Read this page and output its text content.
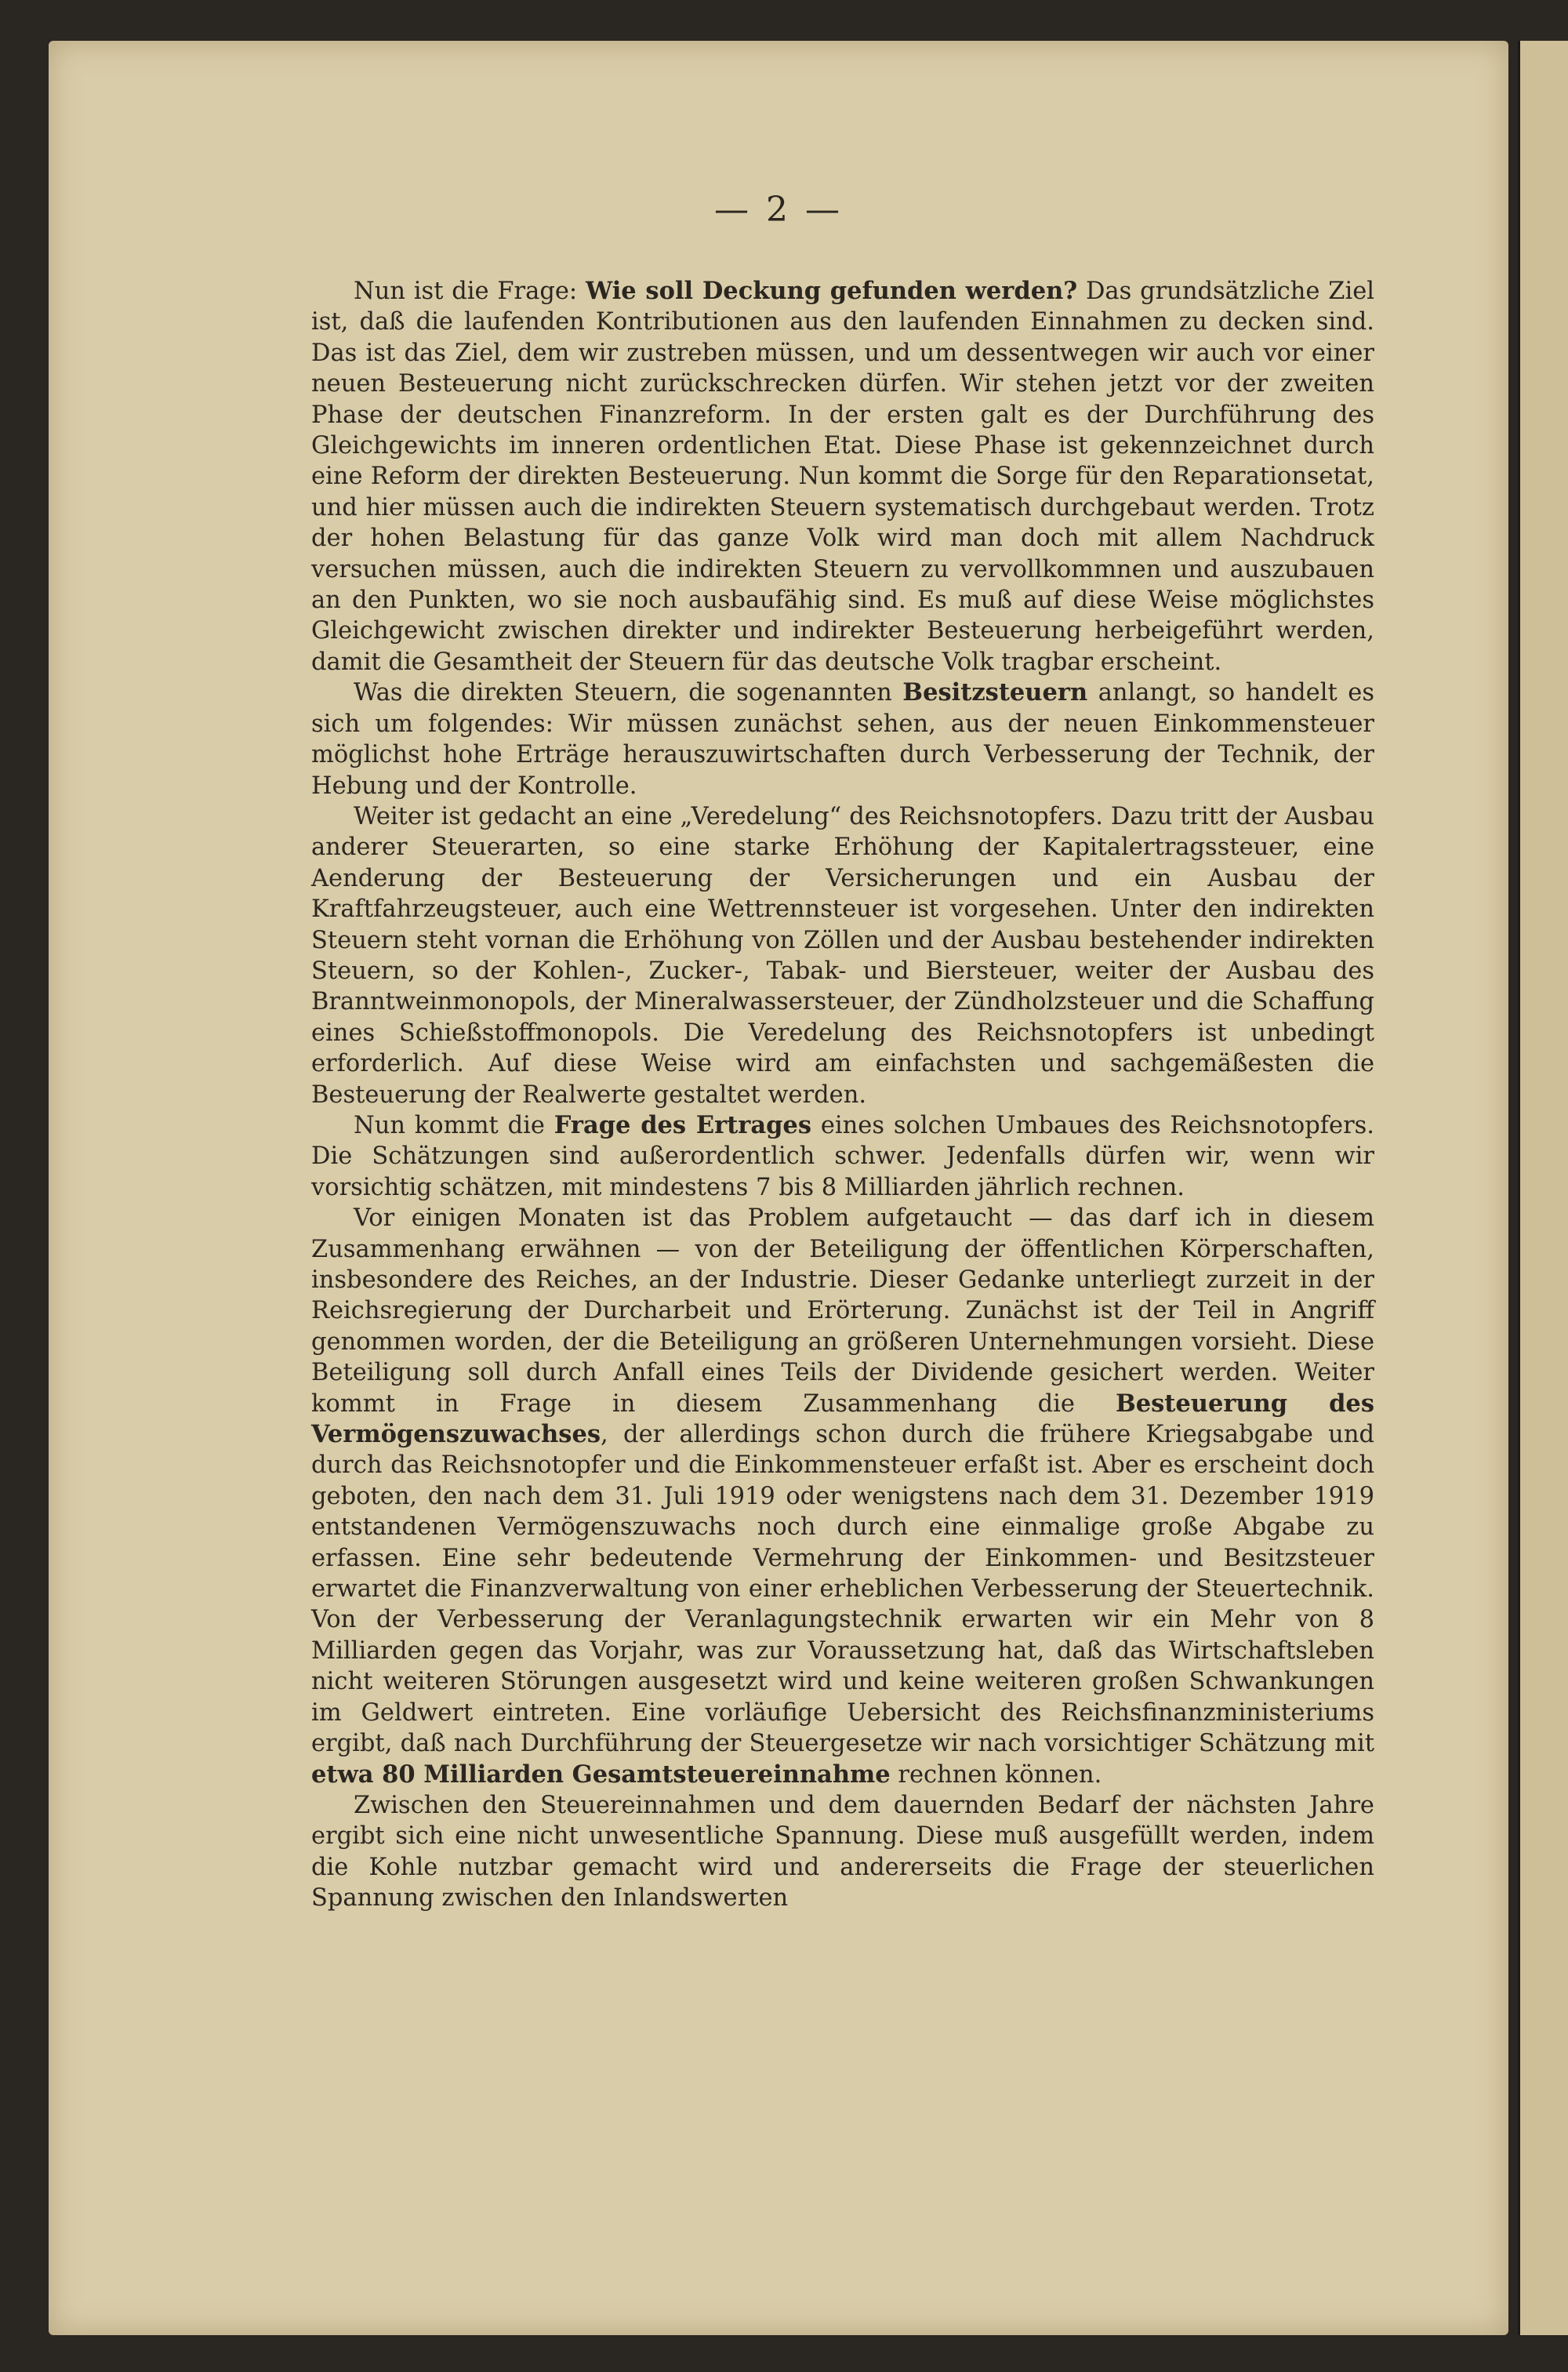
— 2 —

Nun ist die Frage: Wie soll Deckung gefunden werden? Das grundsätzliche Ziel ist, daß die laufenden Kontributionen aus den laufenden Einnahmen zu decken sind. Das ist das Ziel, dem wir zustreben müssen, und um dessentwegen wir auch vor einer neuen Besteuerung nicht zurückschrecken dürfen. Wir stehen jetzt vor der zweiten Phase der deutschen Finanzreform. In der ersten galt es der Durchführung des Gleichgewichts im inneren ordentlichen Etat. Diese Phase ist gekennzeichnet durch eine Reform der direkten Besteuerung. Nun kommt die Sorge für den Reparationsetat, und hier müssen auch die indirekten Steuern systematisch durchgebaut werden. Trotz der hohen Belastung für das ganze Volk wird man doch mit allem Nachdruck versuchen müssen, auch die indirekten Steuern zu vervollkommnen und auszubauen an den Punkten, wo sie noch ausbaufähig sind. Es muß auf diese Weise möglichstes Gleichgewicht zwischen direkter und indirekter Besteuerung herbeigeführt werden, damit die Gesamtheit der Steuern für das deutsche Volk tragbar erscheint.

Was die direkten Steuern, die sogenannten Besitzsteuern anlangt, so handelt es sich um folgendes: Wir müssen zunächst sehen, aus der neuen Einkommensteuer möglichst hohe Erträge herauszuwirtschaften durch Verbesserung der Technik, der Hebung und der Kontrolle.

Weiter ist gedacht an eine „Veredelung“ des Reichsnotopfers. Dazu tritt der Ausbau anderer Steuerarten, so eine starke Erhöhung der Kapitalertragssteuer, eine Aenderung der Besteuerung der Versicherungen und ein Ausbau der Kraftfahrzeugsteuer, auch eine Wettrennsteuer ist vorgesehen. Unter den indirekten Steuern steht vornan die Erhöhung von Zöllen und der Ausbau bestehender indirekten Steuern, so der Kohlen-, Zucker-, Tabak- und Biersteuer, weiter der Ausbau des Branntweinmonopols, der Mineralwassersteuer, der Zündholzsteuer und die Schaffung eines Schießstoffmonopols. Die Veredelung des Reichsnotopfers ist unbedingt erforderlich. Auf diese Weise wird am einfachsten und sachgemäßesten die Besteuerung der Realwerte gestaltet werden.

Nun kommt die Frage des Ertrages eines solchen Umbaues des Reichsnotopfers. Die Schätzungen sind außerordentlich schwer. Jedenfalls dürfen wir, wenn wir vorsichtig schätzen, mit mindestens 7 bis 8 Milliarden jährlich rechnen.

Vor einigen Monaten ist das Problem aufgetaucht — das darf ich in diesem Zusammenhang erwähnen — von der Beteiligung der öffentlichen Körperschaften, insbesondere des Reiches, an der Industrie. Dieser Gedanke unterliegt zurzeit in der Reichsregierung der Durcharbeit und Erörterung. Zunächst ist der Teil in Angriff genommen worden, der die Beteiligung an größeren Unternehmungen vorsieht. Diese Beteiligung soll durch Anfall eines Teils der Dividende gesichert werden. Weiter kommt in Frage in diesem Zusammenhang die Besteuerung des Vermögenszuwachses, der allerdings schon durch die frühere Kriegsabgabe und durch das Reichsnotopfer und die Einkommensteuer erfaßt ist. Aber es erscheint doch geboten, den nach dem 31. Juli 1919 oder wenigstens nach dem 31. Dezember 1919 entstandenen Vermögenszuwachs noch durch eine einmalige große Abgabe zu erfassen. Eine sehr bedeutende Vermehrung der Einkommen- und Besitzsteuer erwartet die Finanzverwaltung von einer erheblichen Verbesserung der Steuertechnik. Von der Verbesserung der Veranlagungstechnik erwarten wir ein Mehr von 8 Milliarden gegen das Vorjahr, was zur Voraussetzung hat, daß das Wirtschaftsleben nicht weiteren Störungen ausgesetzt wird und keine weiteren großen Schwankungen im Geldwert eintreten. Eine vorläufige Uebersicht des Reichsfinanzministeriums ergibt, daß nach Durchführung der Steuergesetze wir nach vorsichtiger Schätzung mit etwa 80 Milliarden Gesamtsteuereinnahme rechnen können.

Zwischen den Steuereinnahmen und dem dauernden Bedarf der nächsten Jahre ergibt sich eine nicht unwesentliche Spannung. Diese muß ausgefüllt werden, indem die Kohle nutzbar gemacht wird und andererseits die Frage der steuerlichen Spannung zwischen den Inlandswerten
